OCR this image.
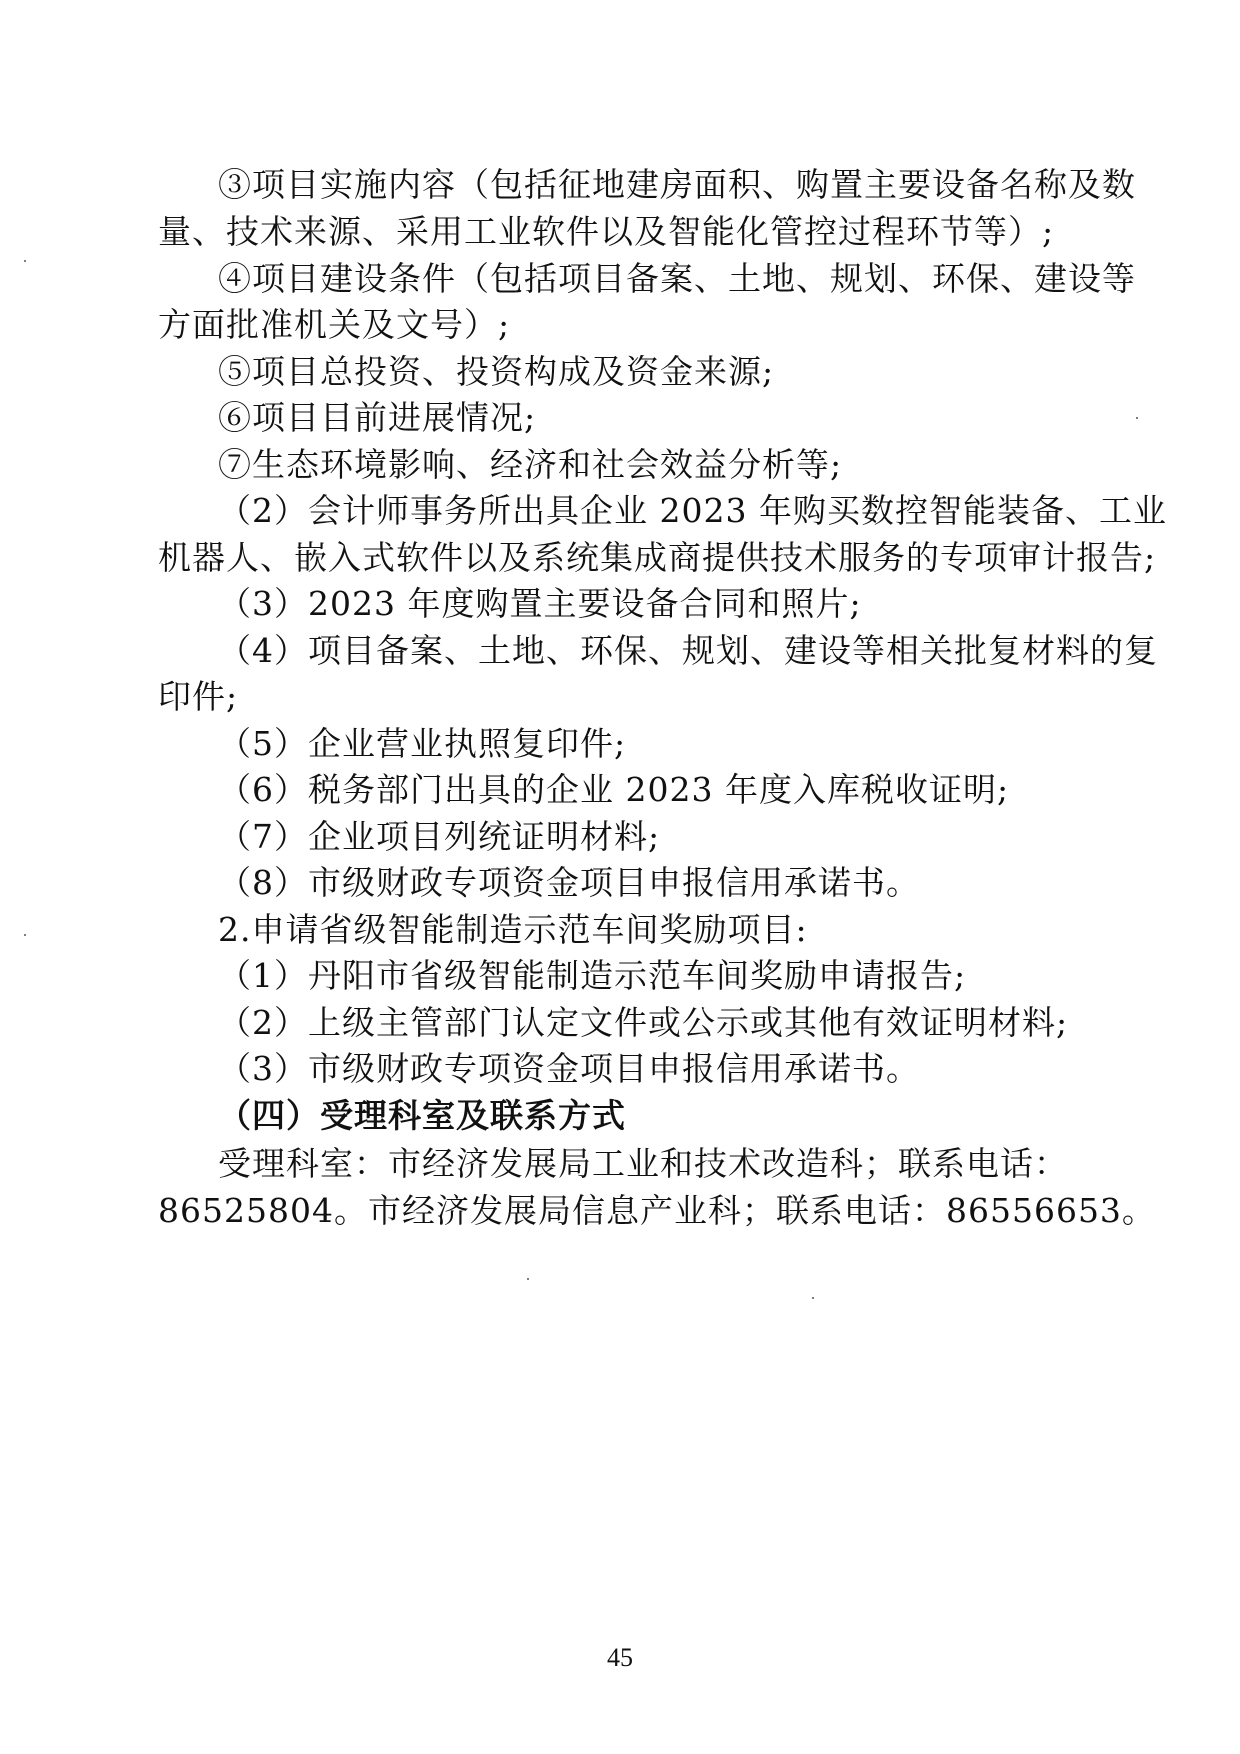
③项目实施内容（包括征地建房面积、购置主要设备名称及数
量、技术来源、采用工业软件以及智能化管控过程环节等）;
④项目建设条件（包括项目备案、土地、规划、环保、建设等
方面批准机关及文号）;
⑤项目总投资、投资构成及资金来源;
⑥项目目前进展情况;
⑦生态环境影响、经济和社会效益分析等;
（2）会计师事务所出具企业 2023 年购买数控智能装备、工业
机器人、嵌入式软件以及系统集成商提供技术服务的专项审计报告;
（3）2023 年度购置主要设备合同和照片;
（4）项目备案、土地、环保、规划、建设等相关批复材料的复
印件;
（5）企业营业执照复印件;
（6）税务部门出具的企业 2023 年度入库税收证明;
（7）企业项目列统证明材料;
（8）市级财政专项资金项目申报信用承诺书。
2.申请省级智能制造示范车间奖励项目:
（1）丹阳市省级智能制造示范车间奖励申请报告;
（2）上级主管部门认定文件或公示或其他有效证明材料;
（3）市级财政专项资金项目申报信用承诺书。
（四）受理科室及联系方式
受理科室：市经济发展局工业和技术改造科；联系电话：
86525804。市经济发展局信息产业科；联系电话：86556653。
45
